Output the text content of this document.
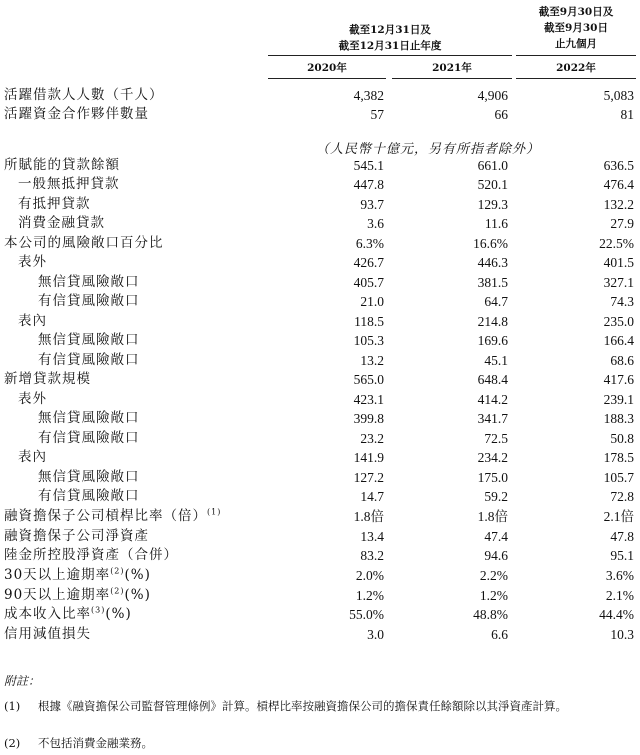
截至12月31日及
截至12月31日止年度
截至9月30日及
截至9月30日
止九個月
2020年	2021年	2022年
（人民幣十億元，另有所指者除外）
活躍借款人人數（千人）	4,382	4,906	5,083
活躍資金合作夥伴數量	57	66	81
所賦能的貸款餘額	545.1	661.0	636.5
一般無抵押貸款	447.8	520.1	476.4
有抵押貸款	93.7	129.3	132.2
消費金融貸款	3.6	11.6	27.9
本公司的風險敞口百分比	6.3%	16.6%	22.5%
表外	426.7	446.3	401.5
無信貸風險敞口	405.7	381.5	327.1
有信貸風險敞口	21.0	64.7	74.3
表內	118.5	214.8	235.0
無信貸風險敞口	105.3	169.6	166.4
有信貸風險敞口	13.2	45.1	68.6
新增貸款規模	565.0	648.4	417.6
表外	423.1	414.2	239.1
無信貸風險敞口	399.8	341.7	188.3
有信貸風險敞口	23.2	72.5	50.8
表內	141.9	234.2	178.5
無信貸風險敞口	127.2	175.0	105.7
有信貸風險敞口	14.7	59.2	72.8
融資擔保子公司槓桿比率（倍）$^{(1)}$	1.8倍	1.8倍	2.1倍
融資擔保子公司淨資產	13.4	47.4	47.8
陸金所控股淨資產（合併）	83.2	94.6	95.1
30天以上逾期率$^{(2)}$(%)	2.0%	2.2%	3.6%
90天以上逾期率$^{(2)}$(%)	1.2%	1.2%	2.1%
成本收入比率$^{(3)}$(%)	55.0%	48.8%	44.4%
信用減值損失	3.0	6.6	10.3
附註：
(1) 根據《融資擔保公司監督管理條例》計算。槓桿比率按融資擔保公司的擔保責任餘額除以其淨資產計算。
(2) 不包括消費金融業務。
